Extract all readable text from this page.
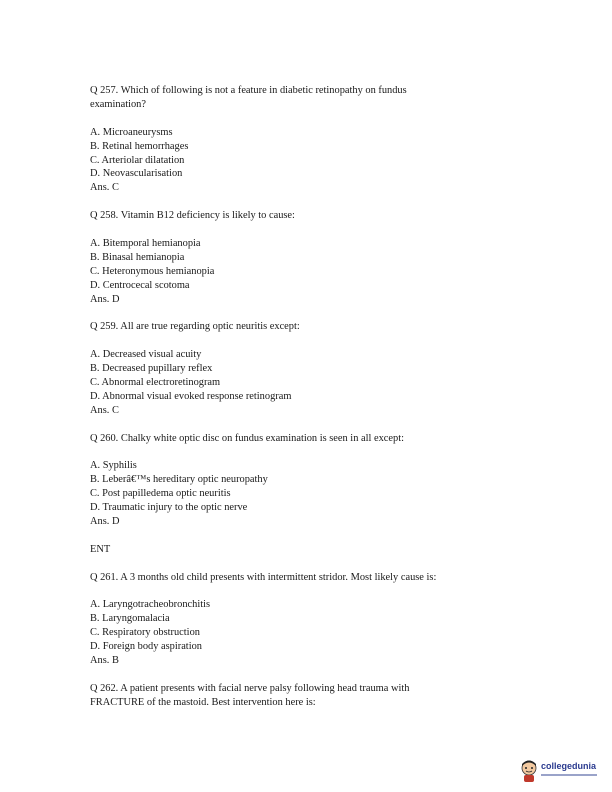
Q 257. Which of following is not a feature in diabetic retinopathy on fundus
examination?
A. Microaneurysms
B. Retinal hemorrhages
C. Arteriolar dilatation
D. Neovascularisation
Ans. C
Q 258. Vitamin B12 deficiency is likely to cause:
A. Bitemporal hemianopia
B. Binasal hemianopia
C. Heteronymous hemianopia
D. Centrocecal scotoma
Ans. D
Q 259. All are true regarding optic neuritis except:
A. Decreased visual acuity
B. Decreased pupillary reflex
C. Abnormal electroretinogram
D. Abnormal visual evoked response retinogram
Ans. C
Q 260. Chalky white optic disc on fundus examination is seen in all except:
A. Syphilis
B. Leberâ€™s hereditary optic neuropathy
C. Post papilledema optic neuritis
D. Traumatic injury to the optic nerve
Ans. D
ENT
Q 261. A 3 months old child presents with intermittent stridor. Most likely cause is:
A. Laryngotracheobronchitis
B. Laryngomalacia
C. Respiratory obstruction
D. Foreign body aspiration
Ans. B
Q 262. A patient presents with facial nerve palsy following head trauma with
FRACTURE of the mastoid. Best intervention here is:
collegedunia
